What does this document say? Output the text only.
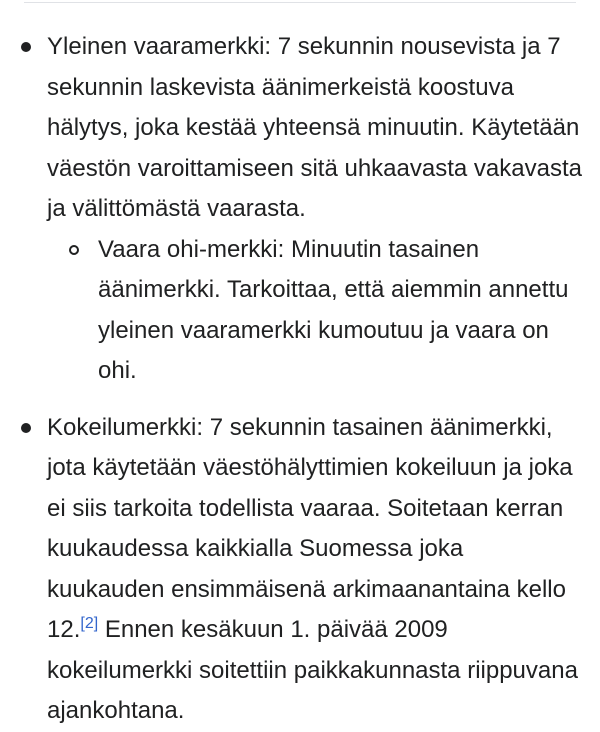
Yleinen vaaramerkki: 7 sekunnin nousevista ja 7 sekunnin laskevista äänimerkeistä koostuva hälytys, joka kestää yhteensä minuutin. Käytetään väestön varoittamiseen sitä uhkaavasta vakavasta ja välittömästä vaarasta.
Vaara ohi-merkki: Minuutin tasainen äänimerkki. Tarkoittaa, että aiemmin annettu yleinen vaaramerkki kumoutuu ja vaara on ohi.
Kokeilumerkki: 7 sekunnin tasainen äänimerkki, jota käytetään väestöhälyttimien kokeiluun ja joka ei siis tarkoita todellista vaaraa. Soitetaan kerran kuukaudessa kaikkialla Suomessa joka kuukauden ensimmäisenä arkimaanantaina kello 12.[2] Ennen kesäkuun 1. päivää 2009 kokeilumerkki soitettiin paikkakunnasta riippuvana ajankohtana.
